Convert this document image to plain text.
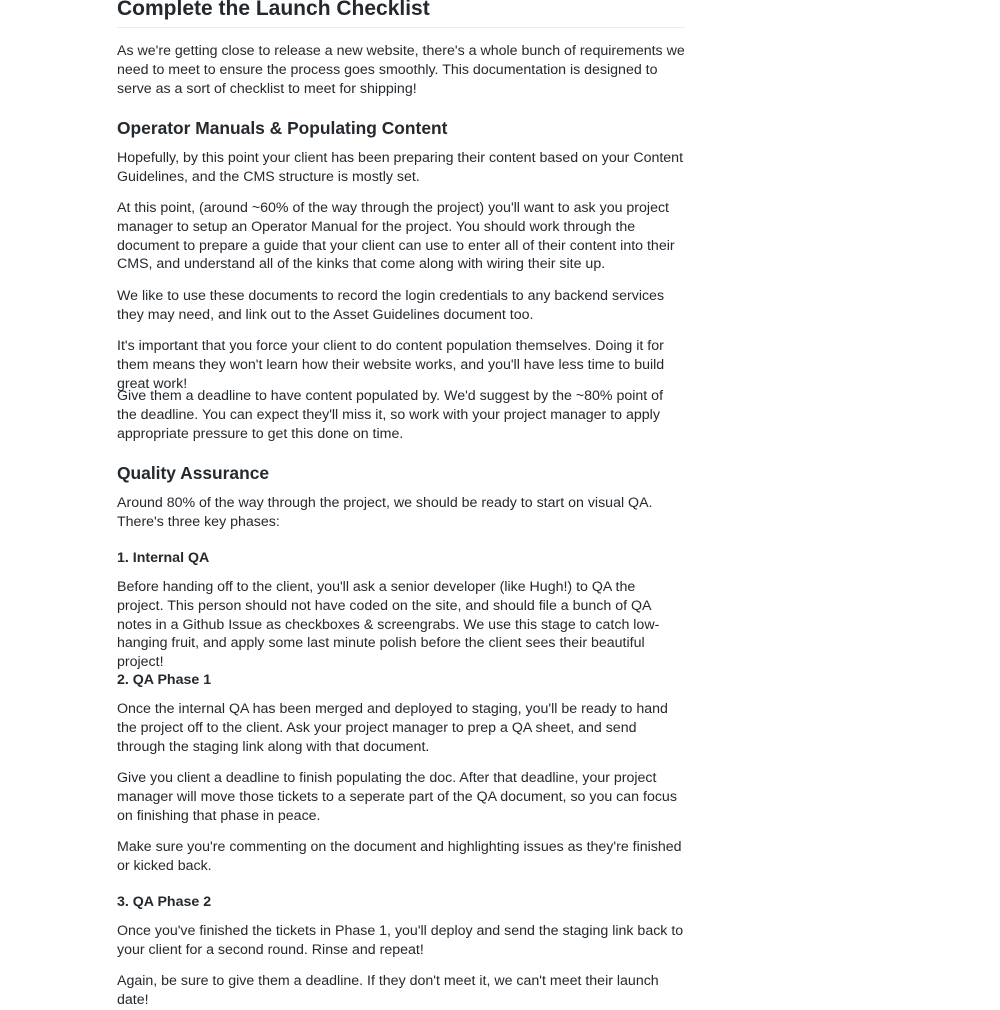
Complete the Launch Checklist

As we're getting close to release a new website, there's a whole bunch of requirements we need to meet to ensure the process goes smoothly. This documentation is designed to serve as a sort of checklist to meet for shipping!

Operator Manuals & Populating Content

Hopefully, by this point your client has been preparing their content based on your Content Guidelines, and the CMS structure is mostly set.

At this point, (around ~60% of the way through the project) you'll want to ask you project manager to setup an Operator Manual for the project. You should work through the document to prepare a guide that your client can use to enter all of their content into their CMS, and understand all of the kinks that come along with wiring their site up.

We like to use these documents to record the login credentials to any backend services they may need, and link out to the Asset Guidelines document too.

It's important that you force your client to do content population themselves. Doing it for them means they won't learn how their website works, and you'll have less time to build great work!

Give them a deadline to have content populated by. We'd suggest by the ~80% point of the deadline. You can expect they'll miss it, so work with your project manager to apply appropriate pressure to get this done on time.

Quality Assurance

Around 80% of the way through the project, we should be ready to start on visual QA. There's three key phases:

1. Internal QA

Before handing off to the client, you'll ask a senior developer (like Hugh!) to QA the project. This person should not have coded on the site, and should file a bunch of QA notes in a Github Issue as checkboxes & screengrabs. We use this stage to catch low-hanging fruit, and apply some last minute polish before the client sees their beautiful project!

2. QA Phase 1

Once the internal QA has been merged and deployed to staging, you'll be ready to hand the project off to the client. Ask your project manager to prep a QA sheet, and send through the staging link along with that document.

Give you client a deadline to finish populating the doc. After that deadline, your project manager will move those tickets to a seperate part of the QA document, so you can focus on finishing that phase in peace.

Make sure you're commenting on the document and highlighting issues as they're finished or kicked back.

3. QA Phase 2

Once you've finished the tickets in Phase 1, you'll deploy and send the staging link back to your client for a second round. Rinse and repeat!

Again, be sure to give them a deadline. If they don't meet it, we can't meet their launch date!
